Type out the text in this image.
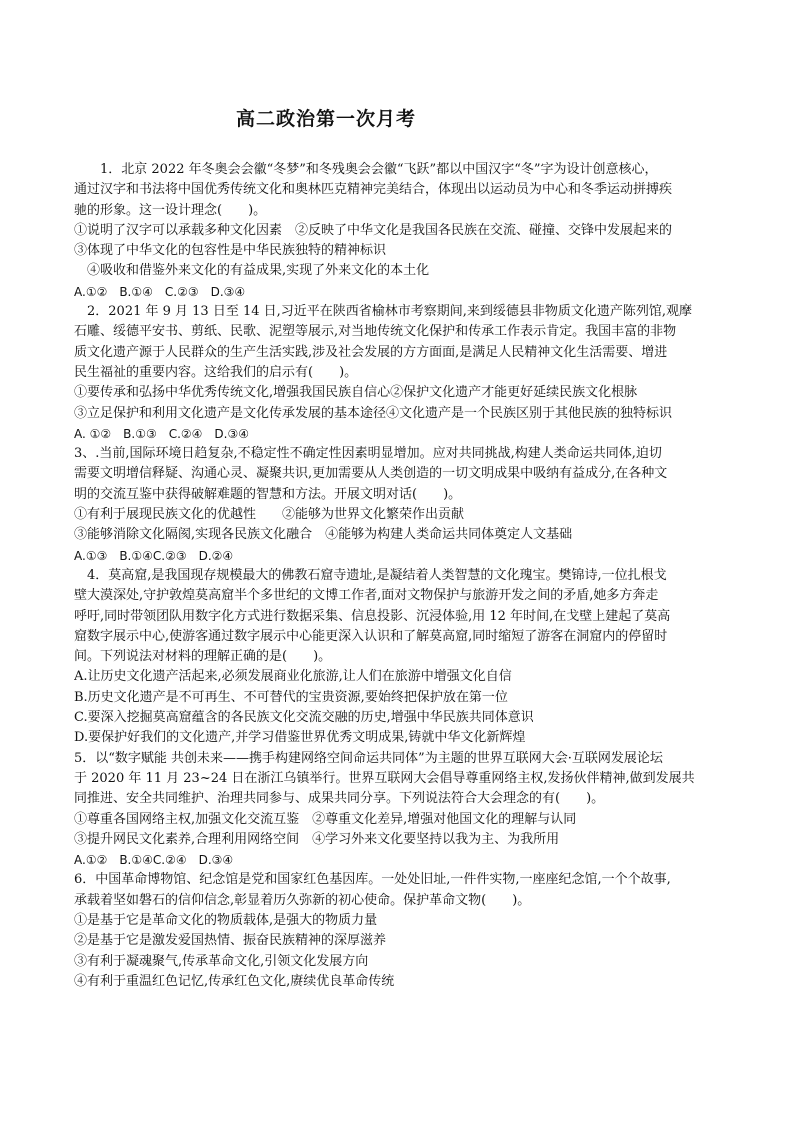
高二政治第一次月考
1．北京 2022 年冬奥会会徽“冬梦”和冬残奥会会徽“飞跃”都以中国汉字“冬”字为设计创意核心，
通过汉字和书法将中国优秀传统文化和奥林匹克精神完美结合，体现出以运动员为中心和冬季运动拼搏疾
驰的形象。这一设计理念(　　)。
①说明了汉字可以承载多种文化因素　②反映了中华文化是我国各民族在交流、碰撞、交锋中发展起来的
③体现了中华文化的包容性是中华民族独特的精神标识
④吸收和借鉴外来文化的有益成果,实现了外来文化的本土化
A.①②　B.①④　C.②③　D.③④
2．2021 年 9 月 13 日至 14 日,习近平在陕西省榆林市考察期间,来到绥德县非物质文化遗产陈列馆,观摩
石雕、绥德平安书、剪纸、民歌、泥塑等展示,对当地传统文化保护和传承工作表示肯定。我国丰富的非物
质文化遗产源于人民群众的生产生活实践,涉及社会发展的方方面面,是满足人民精神文化生活需要、增进
民生福祉的重要内容。这给我们的启示有(　　)。
①要传承和弘扬中华优秀传统文化,增强我国民族自信心②保护文化遗产才能更好延续民族文化根脉
③立足保护和利用文化遗产是文化传承发展的基本途径④文化遗产是一个民族区别于其他民族的独特标识
A. ①②　B.①③　C.②④　D.③④
3、.当前,国际环境日趋复杂,不稳定性不确定性因素明显增加。应对共同挑战,构建人类命运共同体,迫切
需要文明增信释疑、沟通心灵、凝聚共识,更加需要从人类创造的一切文明成果中吸纳有益成分,在各种文
明的交流互鉴中获得破解难题的智慧和方法。开展文明对话(　　)。
①有利于展现民族文化的优越性　　②能够为世界文化繁荣作出贡献
③能够消除文化隔阂,实现各民族文化融合　④能够为构建人类命运共同体奠定人文基础
A.①③　B.①④C.②③　D.②④
4．莫高窟,是我国现存规模最大的佛教石窟寺遗址,是凝结着人类智慧的文化瑰宝。樊锦诗,一位扎根戈
壁大漠深处,守护敦煌莫高窟半个多世纪的文博工作者,面对文物保护与旅游开发之间的矛盾,她多方奔走
呼吁,同时带领团队用数字化方式进行数据采集、信息投影、沉浸体验,用 12 年时间,在戈壁上建起了莫高
窟数字展示中心,使游客通过数字展示中心能更深入认识和了解莫高窟,同时缩短了游客在洞窟内的停留时
间。下列说法对材料的理解正确的是(　　)。
A.让历史文化遗产活起来,必须发展商业化旅游,让人们在旅游中增强文化自信
B.历史文化遗产是不可再生、不可替代的宝贵资源,要始终把保护放在第一位
C.要深入挖掘莫高窟蕴含的各民族文化交流交融的历史,增强中华民族共同体意识
D.要保护好我们的文化遗产,并学习借鉴世界优秀文明成果,铸就中华文化新辉煌
5．以“数字赋能 共创未来——携手构建网络空间命运共同体”为主题的世界互联网大会·互联网发展论坛
于 2020 年 11 月 23~24 日在浙江乌镇举行。世界互联网大会倡导尊重网络主权,发扬伙伴精神,做到发展共
同推进、安全共同维护、治理共同参与、成果共同分享。下列说法符合大会理念的有(　　)。
①尊重各国网络主权,加强文化交流互鉴　②尊重文化差异,增强对他国文化的理解与认同
③提升网民文化素养,合理利用网络空间　④学习外来文化要坚持以我为主、为我所用
A.①②　B.①④C.②④　D.③④
6．中国革命博物馆、纪念馆是党和国家红色基因库。一处处旧址,一件件实物,一座座纪念馆,一个个故事,
承载着坚如磐石的信仰信念,彰显着历久弥新的初心使命。保护革命文物(　　)。
①是基于它是革命文化的物质载体,是强大的物质力量
②是基于它是激发爱国热情、振奋民族精神的深厚滋养
③有利于凝魂聚气,传承革命文化,引领文化发展方向
④有利于重温红色记忆,传承红色文化,赓续优良革命传统
